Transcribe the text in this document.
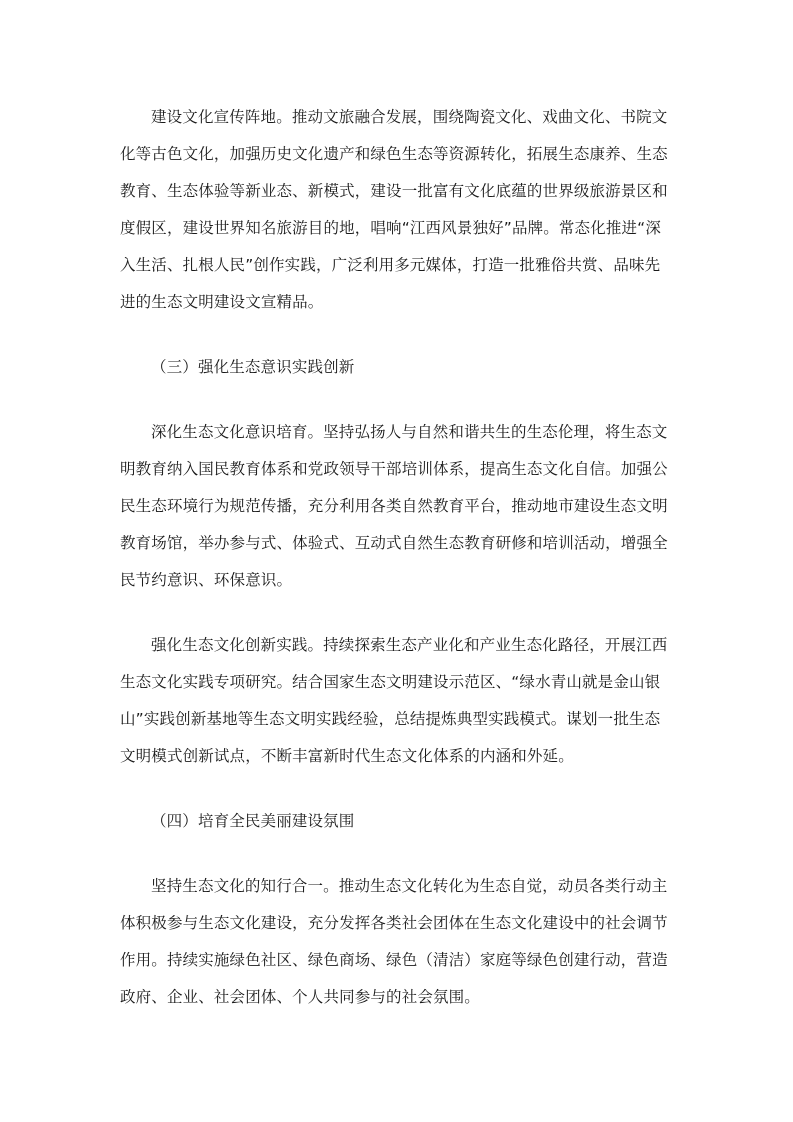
建设文化宣传阵地。推动文旅融合发展，围绕陶瓷文化、戏曲文化、书院文
化等古色文化，加强历史文化遗产和绿色生态等资源转化，拓展生态康养、生态
教育、生态体验等新业态、新模式，建设一批富有文化底蕴的世界级旅游景区和
度假区，建设世界知名旅游目的地，唱响“江西风景独好”品牌。常态化推进“深
入生活、扎根人民”创作实践，广泛利用多元媒体，打造一批雅俗共赏、品味先
进的生态文明建设文宣精品。
（三）强化生态意识实践创新
深化生态文化意识培育。坚持弘扬人与自然和谐共生的生态伦理，将生态文
明教育纳入国民教育体系和党政领导干部培训体系，提高生态文化自信。加强公
民生态环境行为规范传播，充分利用各类自然教育平台，推动地市建设生态文明
教育场馆，举办参与式、体验式、互动式自然生态教育研修和培训活动，增强全
民节约意识、环保意识。
强化生态文化创新实践。持续探索生态产业化和产业生态化路径，开展江西
生态文化实践专项研究。结合国家生态文明建设示范区、“绿水青山就是金山银
山”实践创新基地等生态文明实践经验，总结提炼典型实践模式。谋划一批生态
文明模式创新试点，不断丰富新时代生态文化体系的内涵和外延。
（四）培育全民美丽建设氛围
坚持生态文化的知行合一。推动生态文化转化为生态自觉，动员各类行动主
体积极参与生态文化建设，充分发挥各类社会团体在生态文化建设中的社会调节
作用。持续实施绿色社区、绿色商场、绿色（清洁）家庭等绿色创建行动，营造
政府、企业、社会团体、个人共同参与的社会氛围。
